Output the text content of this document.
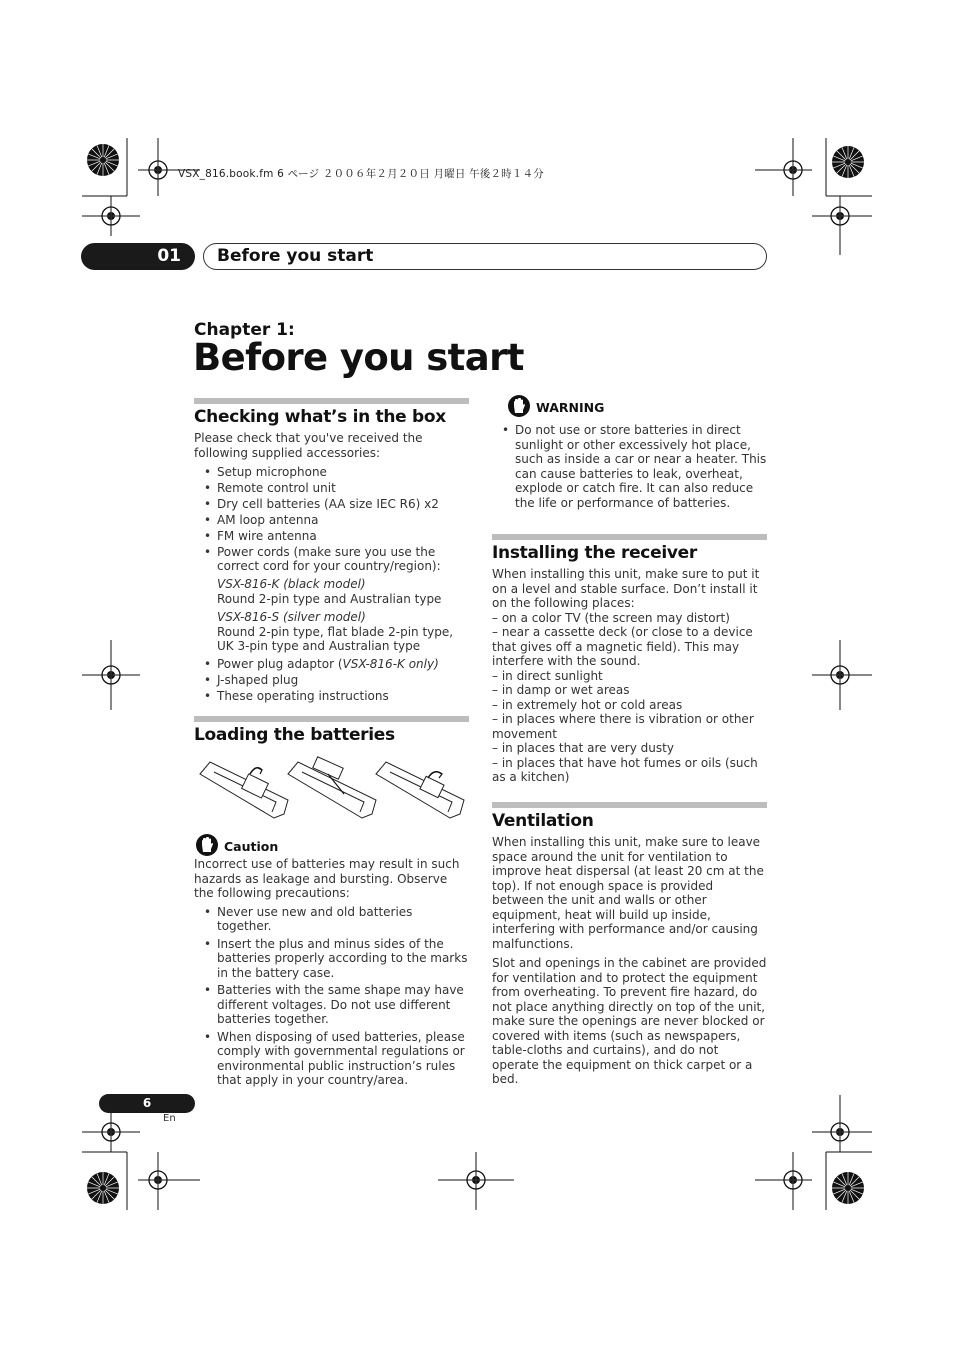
VSX_816.book.fm 6 ページ ２００６年２月２０日 月曜日 午後２時１４分
01	Before you start
Chapter 1:
Before you start
Checking what’s in the box
Please check that you've received the following supplied accessories:
• Setup microphone
• Remote control unit
• Dry cell batteries (AA size IEC R6) x2
• AM loop antenna
• FM wire antenna
• Power cords (make sure you use the correct cord for your country/region):
VSX-816-K (black model)
Round 2-pin type and Australian type
VSX-816-S (silver model)
Round 2-pin type, flat blade 2-pin type, UK 3-pin type and Australian type
• Power plug adaptor (VSX-816-K only)
• J-shaped plug
• These operating instructions
Loading the batteries
Caution
Incorrect use of batteries may result in such hazards as leakage and bursting. Observe the following precautions:
• Never use new and old batteries together.
• Insert the plus and minus sides of the batteries properly according to the marks in the battery case.
• Batteries with the same shape may have different voltages. Do not use different batteries together.
• When disposing of used batteries, please comply with governmental regulations or environmental public instruction’s rules that apply in your country/area.
WARNING
• Do not use or store batteries in direct sunlight or other excessively hot place, such as inside a car or near a heater. This can cause batteries to leak, overheat, explode or catch fire. It can also reduce the life or performance of batteries.
Installing the receiver
When installing this unit, make sure to put it on a level and stable surface. Don’t install it on the following places:
– on a color TV (the screen may distort)
– near a cassette deck (or close to a device that gives off a magnetic field). This may interfere with the sound.
– in direct sunlight
– in damp or wet areas
– in extremely hot or cold areas
– in places where there is vibration or other movement
– in places that are very dusty
– in places that have hot fumes or oils (such as a kitchen)
Ventilation
When installing this unit, make sure to leave space around the unit for ventilation to improve heat dispersal (at least 20 cm at the top). If not enough space is provided between the unit and walls or other equipment, heat will build up inside, interfering with performance and/or causing malfunctions.
Slot and openings in the cabinet are provided for ventilation and to protect the equipment from overheating. To prevent fire hazard, do not place anything directly on top of the unit, make sure the openings are never blocked or covered with items (such as newspapers, table-cloths and curtains), and do not operate the equipment on thick carpet or a bed.
6
En
